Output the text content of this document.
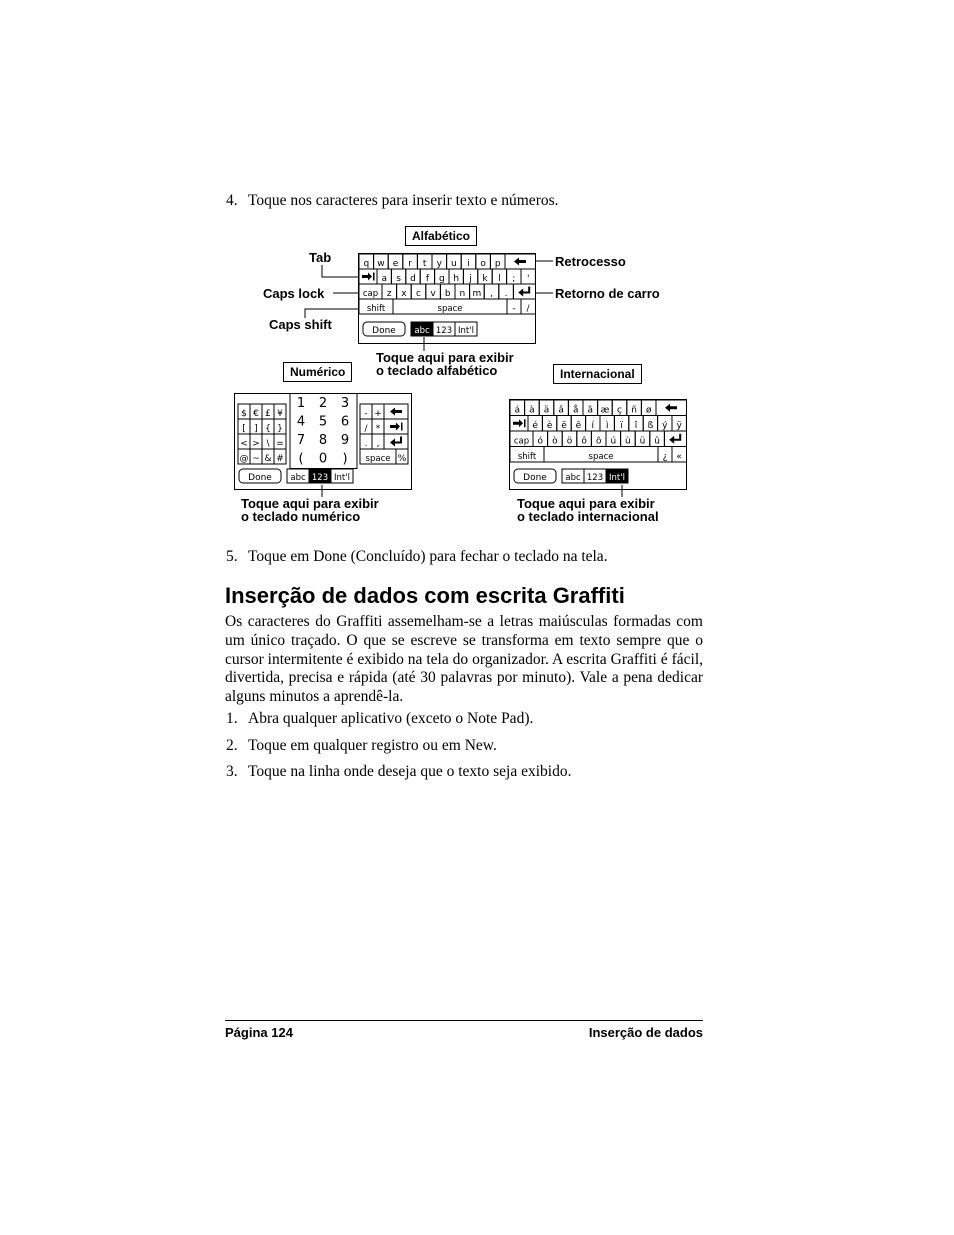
4. Toque nos caracteres para inserir texto e números.
Alfabético
Numérico	Internacional
Tab
Caps lock
Caps shift
Retrocesso
Retorno de carro
Toque aqui para exibir
o teclado alfabético
Toque aqui para exibir
o teclado numérico
Toque aqui para exibir
o teclado internacional
q w e r t y u i o p
a s d f g h j k l ; '
cap z x c v b n m , .
shift	space	- /
Done abc 123 Int'l
$ € £ ¥
[ ] { }
< > \ =
@ ~ & #
1 2 3
4 5 6
7 8 9
( 0 )
- +
/ *
. ,
space %
Done abc 123 Int'l
á à ä â å ã æ ç ñ ø
é è ë ê í ì ï î ß ý ÿ
cap ó ò ö ô õ ú ù ü û
shift	space	¿ «
Done abc 123 Int'l
5. Toque em Done (Concluído) para fechar o teclado na tela.
Inserção de dados com escrita Graffiti
Os caracteres do Graffiti assemelham-se a letras maiúsculas formadas com um único traçado. O que se escreve se transforma em texto sempre que o cursor intermitente é exibido na tela do organizador. A escrita Graffiti é fácil, divertida, precisa e rápida (até 30 palavras por minuto). Vale a pena dedicar alguns minutos a aprendê-la.
1. Abra qualquer aplicativo (exceto o Note Pad).
2. Toque em qualquer registro ou em New.
3. Toque na linha onde deseja que o texto seja exibido.
Página 124	Inserção de dados
